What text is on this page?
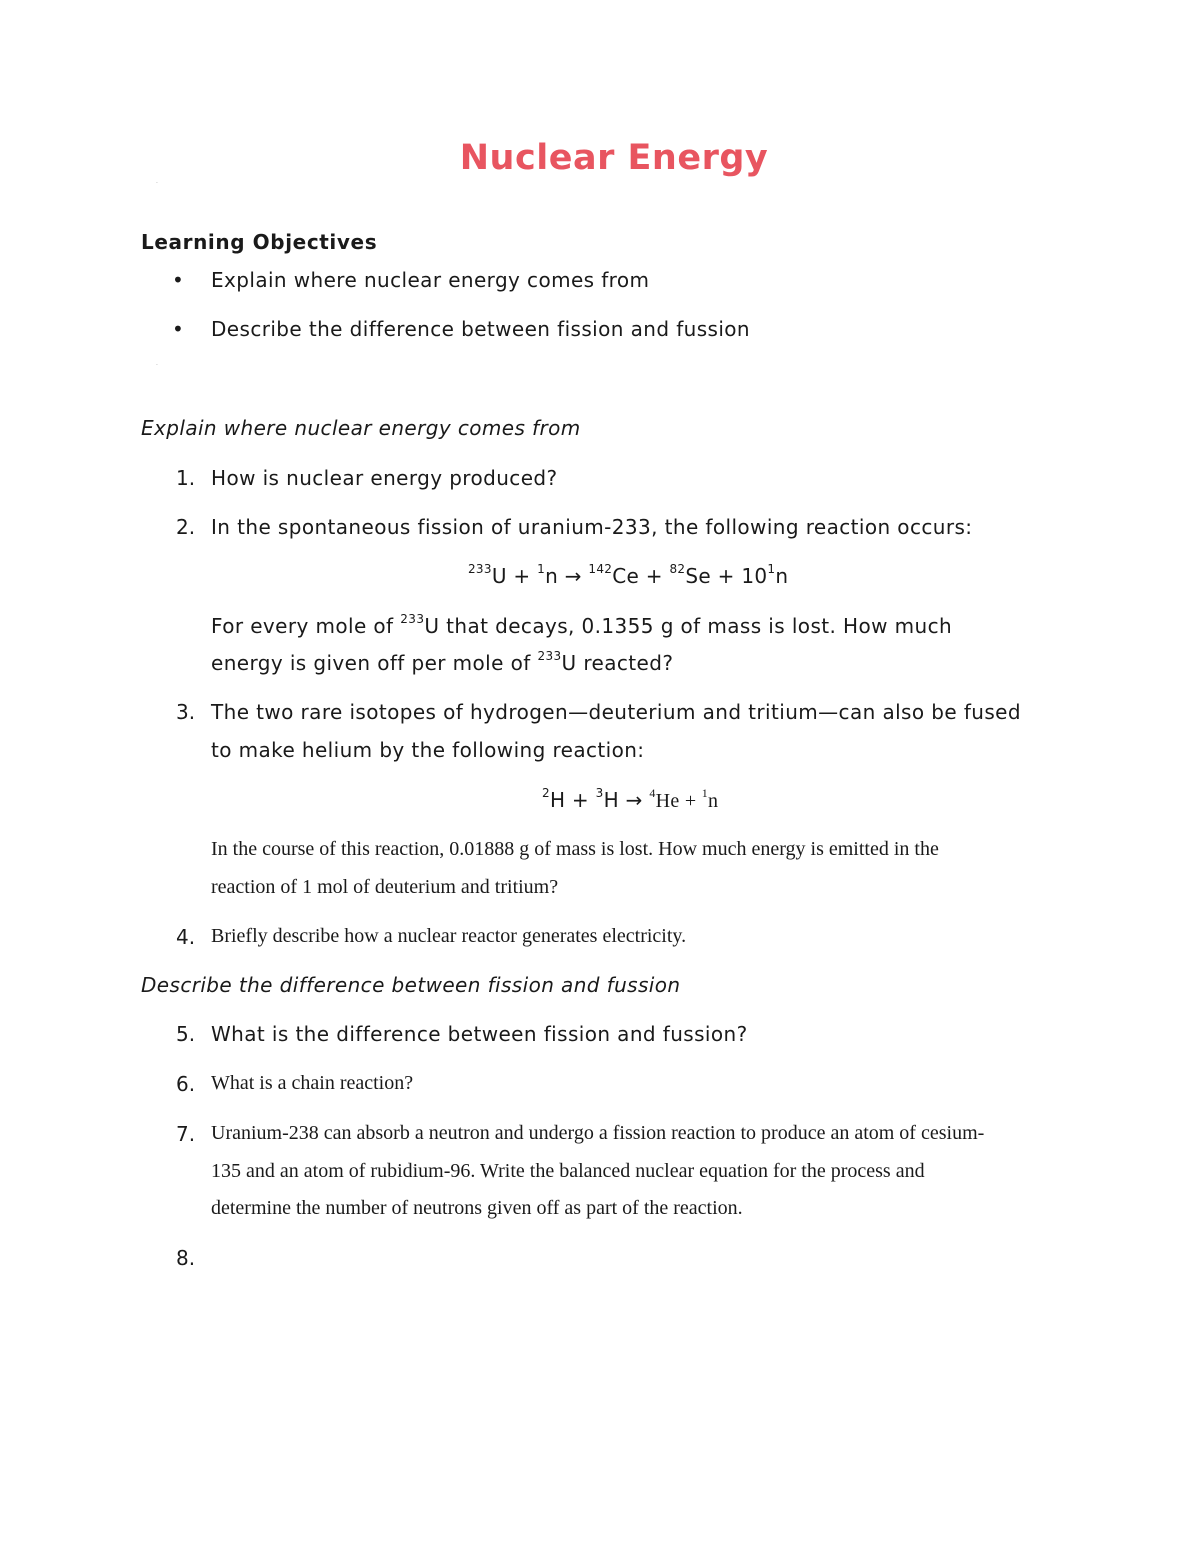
Nuclear Energy
·
Learning Objectives
• Explain where nuclear energy comes from
• Describe the difference between fission and fussion
·
Explain where nuclear energy comes from
1. How is nuclear energy produced?
2. In the spontaneous fission of uranium-233, the following reaction occurs:
$^{233}U + ^1n \to ^{142}Ce + ^{82}Se + 10^1n$
For every mole of $^{233}$U that decays, 0.1355 g of mass is lost. How much
energy is given off per mole of $^{233}$U reacted?
3. The two rare isotopes of hydrogen—deuterium and tritium—can also be fused
to make helium by the following reaction:
$^2$H + $^3$H → $^4$He + $^1$n
In the course of this reaction, 0.01888 g of mass is lost. How much energy is emitted in the
reaction of 1 mol of deuterium and tritium?
4. Briefly describe how a nuclear reactor generates electricity.
Describe the difference between fission and fussion
5. What is the difference between fission and fussion?
6. What is a chain reaction?
7. Uranium-238 can absorb a neutron and undergo a fission reaction to produce an atom of cesium-
135 and an atom of rubidium-96. Write the balanced nuclear equation for the process and
determine the number of neutrons given off as part of the reaction.
8.
